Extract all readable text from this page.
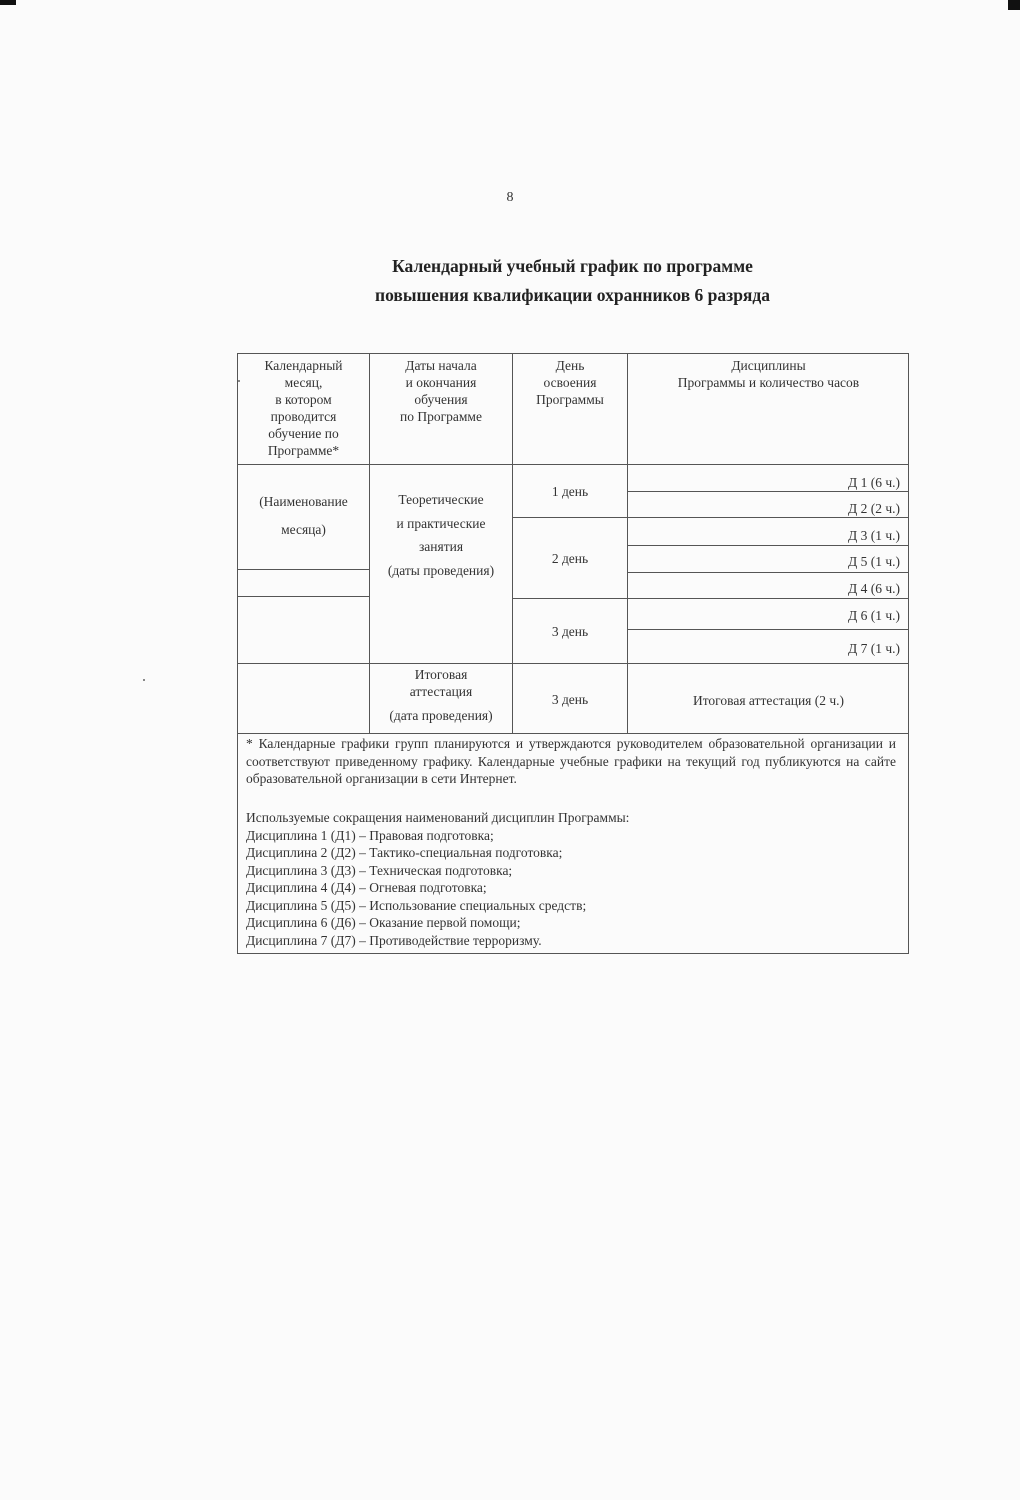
8
Календарный учебный график по программе
повышения квалификации охранников 6 разряда
Календарный
месяц,
в котором
проводится
обучение по
Программе*
Даты начала
и окончания
обучения
по Программе
День
освоения
Программы
Дисциплины
Программы и количество часов
(Наименование
месяца)
Теоретические
и практические
занятия
(даты проведения)
1 день
2 день
3 день
Д 1 (6 ч.)
Д 2 (2 ч.)
Д 3 (1 ч.)
Д 5 (1 ч.)
Д 4 (6 ч.)
Д 6 (1 ч.)
Д 7 (1 ч.)
Итоговая
аттестация
(дата проведения)
3 день	Итоговая аттестация (2 ч.)
* Календарные графики групп планируются и утверждаются руководителем образовательной организации и соответствуют приведенному графику. Календарные учебные графики на текущий год публикуются на сайте образовательной организации в сети Интернет.
Используемые сокращения наименований дисциплин Программы:
Дисциплина 1 (Д1) – Правовая подготовка;
Дисциплина 2 (Д2) – Тактико-специальная подготовка;
Дисциплина 3 (Д3) – Техническая подготовка;
Дисциплина 4 (Д4) – Огневая подготовка;
Дисциплина 5 (Д5) – Использование специальных средств;
Дисциплина 6 (Д6) – Оказание первой помощи;
Дисциплина 7 (Д7) – Противодействие терроризму.
